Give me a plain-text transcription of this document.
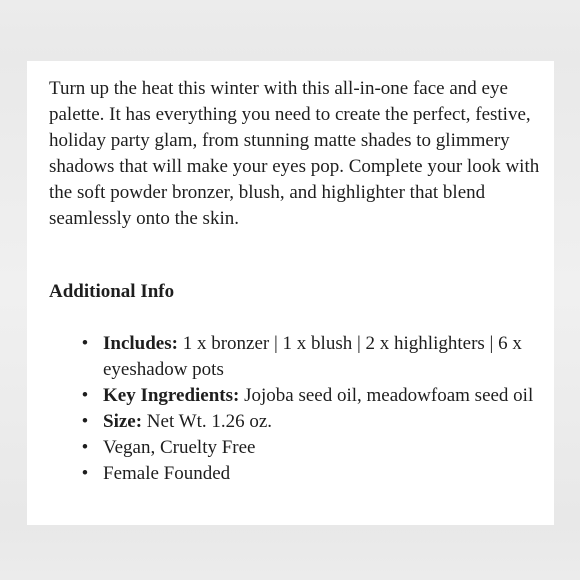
Turn up the heat this winter with this all-in-one face and eye palette. It has everything you need to create the perfect, festive, holiday party glam, from stunning matte shades to glimmery shadows that will make your eyes pop. Complete your look with the soft powder bronzer, blush, and highlighter that blend seamlessly onto the skin.

Additional Info
• Includes: 1 x bronzer | 1 x blush | 2 x highlighters | 6 x eyeshadow pots
• Key Ingredients: Jojoba seed oil, meadowfoam seed oil
• Size: Net Wt. 1.26 oz.
• Vegan, Cruelty Free
• Female Founded
